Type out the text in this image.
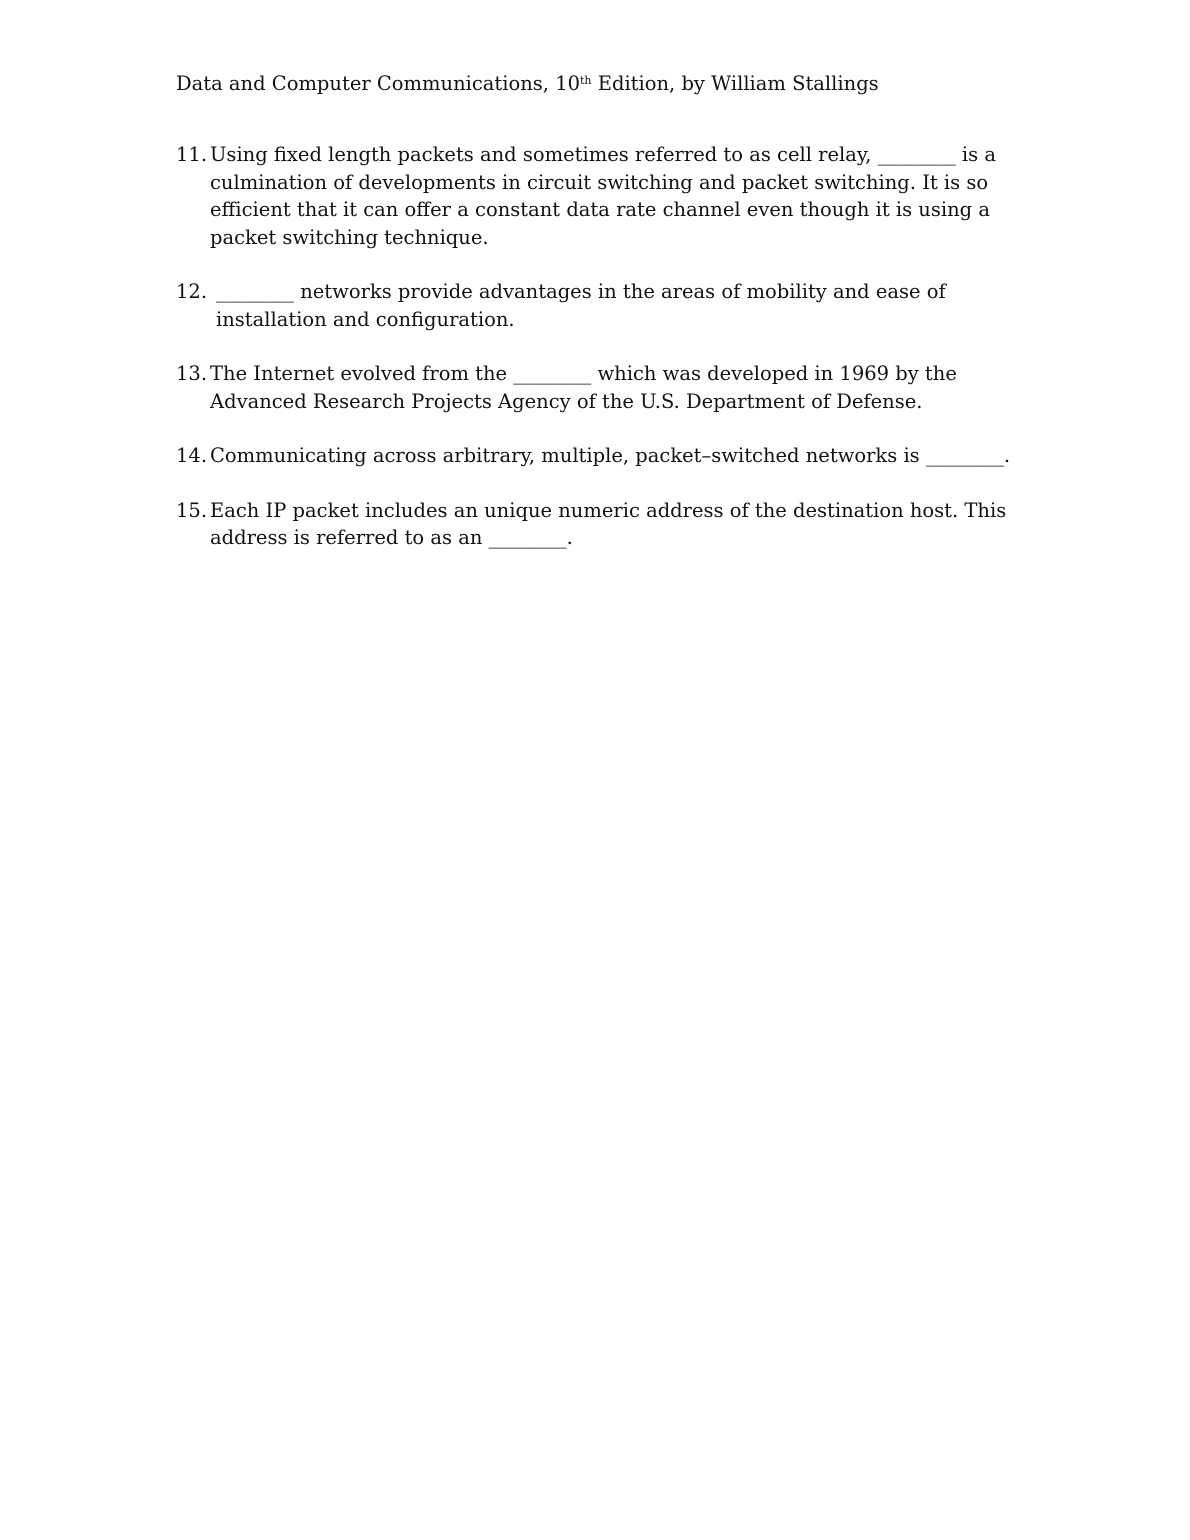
Data and Computer Communications, 10th Edition, by William Stallings
11. Using fixed length packets and sometimes referred to as cell relay, ________ is a
culmination of developments in circuit switching and packet switching. It is so
efficient that it can offer a constant data rate channel even though it is using a
packet switching technique.
12. ________ networks provide advantages in the areas of mobility and ease of
installation and configuration.
13. The Internet evolved from the ________ which was developed in 1969 by the
Advanced Research Projects Agency of the U.S. Department of Defense.
14. Communicating across arbitrary, multiple, packet–switched networks is ________.
15. Each IP packet includes an unique numeric address of the destination host. This
address is referred to as an ________.
